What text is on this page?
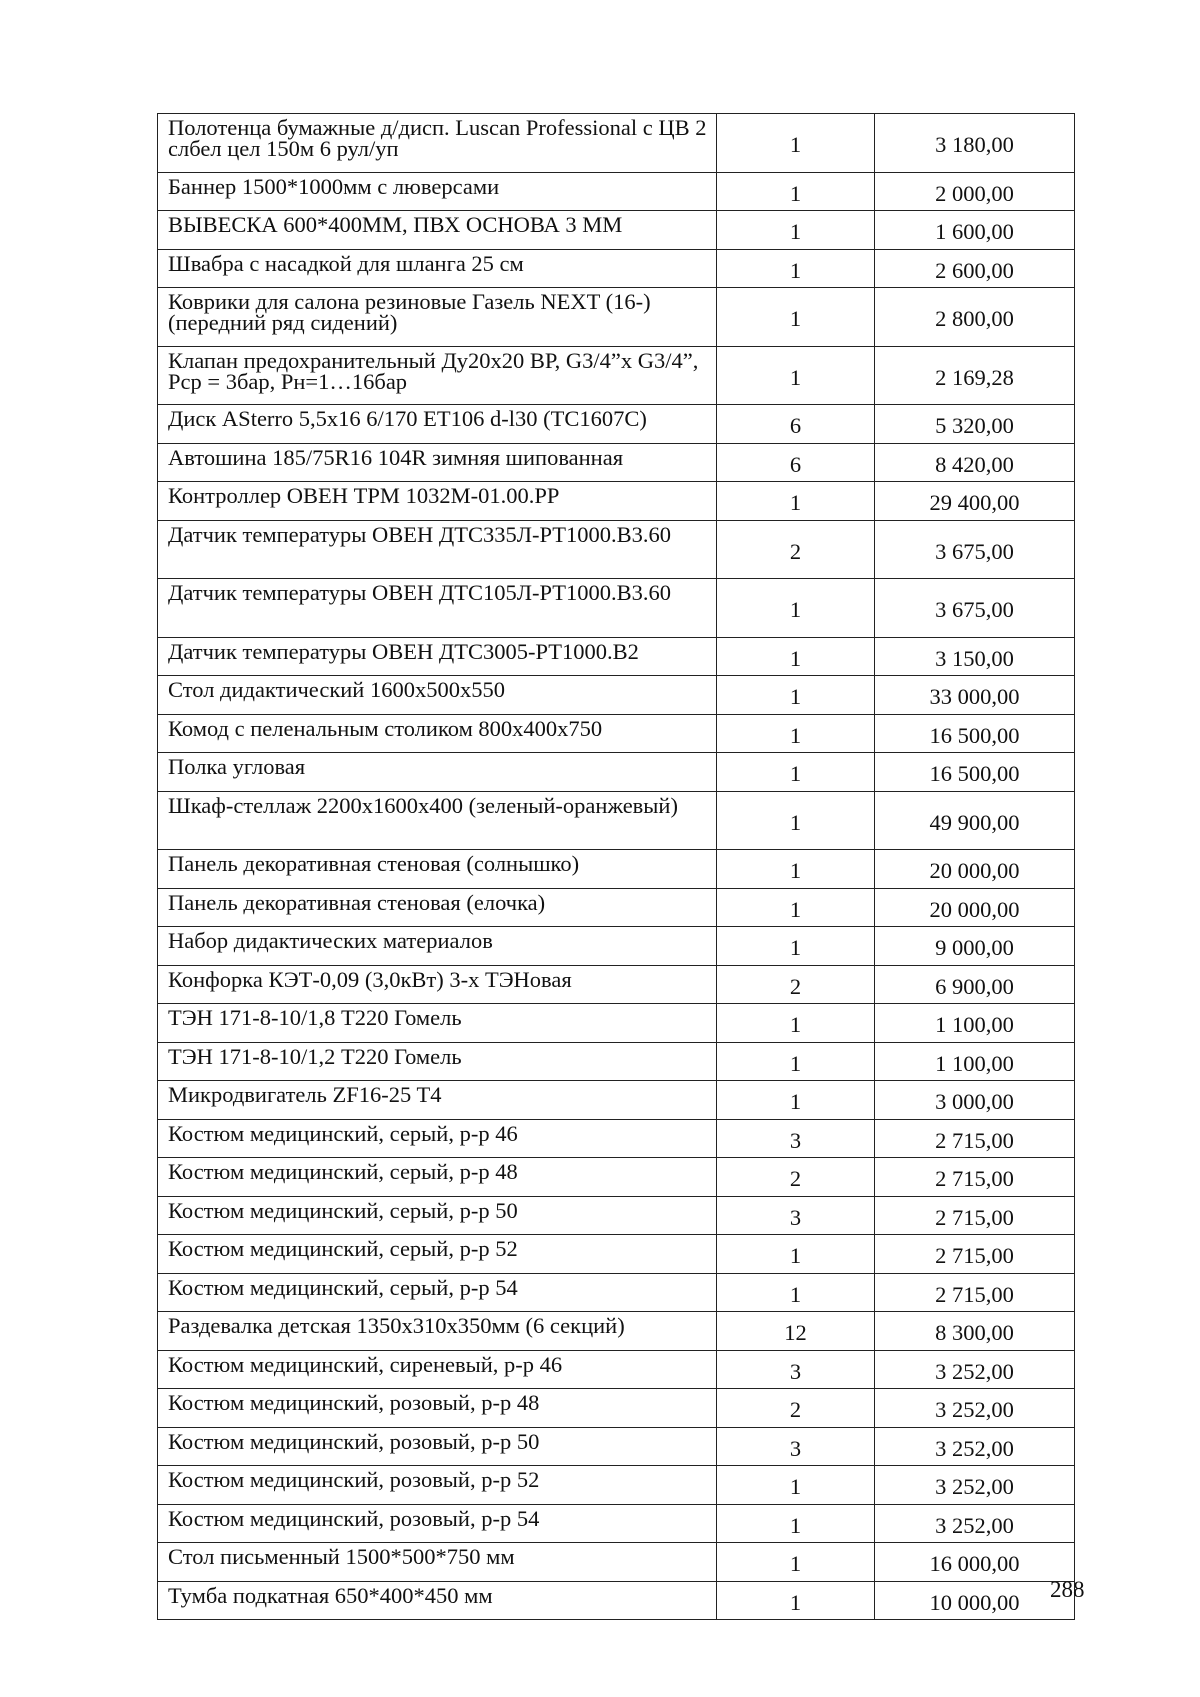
Полотенца бумажные д/дисп. Luscan Professional с ЦВ 2 слбел цел 150м 6 рул/уп	1	3 180,00
Баннер 1500*1000мм с люверсами	1	2 000,00
ВЫВЕСКА 600*400ММ, ПВХ ОСНОВА 3 ММ	1	1 600,00
Швабра с насадкой для шланга 25 см	1	2 600,00
Коврики для салона резиновые Газель NEXT (16-) (передний ряд сидений)	1	2 800,00
Клапан предохранительный Ду20х20 ВР, G3/4”х G3/4”, Рср = 3бар, Рн=1…16бар	1	2 169,28
Диск ASterro 5,5х16 6/170 ET106 d-l30 (TC1607C)	6	5 320,00
Автошина 185/75R16 104R зимняя шипованная	6	8 420,00
Контроллер ОВЕН ТРМ 1032М-01.00.РР	1	29 400,00
Датчик температуры ОВЕН ДТС335Л-РТ1000.В3.60	2	3 675,00
Датчик температуры ОВЕН ДТС105Л-РТ1000.В3.60	1	3 675,00
Датчик температуры ОВЕН ДТС3005-РТ1000.В2	1	3 150,00
Стол дидактический 1600х500х550	1	33 000,00
Комод с пеленальным столиком 800х400х750	1	16 500,00
Полка угловая	1	16 500,00
Шкаф-стеллаж 2200х1600х400 (зеленый-оранжевый)	1	49 900,00
Панель декоративная стеновая (солнышко)	1	20 000,00
Панель декоративная стеновая (елочка)	1	20 000,00
Набор дидактических материалов	1	9 000,00
Конфорка КЭТ-0,09 (3,0кВт) 3-х ТЭНовая	2	6 900,00
ТЭН 171-8-10/1,8 Т220 Гомель	1	1 100,00
ТЭН 171-8-10/1,2 Т220 Гомель	1	1 100,00
Микродвигатель ZF16-25 T4	1	3 000,00
Костюм медицинский, серый, р-р 46	3	2 715,00
Костюм медицинский, серый, р-р 48	2	2 715,00
Костюм медицинский, серый, р-р 50	3	2 715,00
Костюм медицинский, серый, р-р 52	1	2 715,00
Костюм медицинский, серый, р-р 54	1	2 715,00
Раздевалка детская 1350х310х350мм (6 секций)	12	8 300,00
Костюм медицинский, сиреневый, р-р 46	3	3 252,00
Костюм медицинский, розовый, р-р 48	2	3 252,00
Костюм медицинский, розовый, р-р 50	3	3 252,00
Костюм медицинский, розовый, р-р 52	1	3 252,00
Костюм медицинский, розовый, р-р 54	1	3 252,00
Стол письменный 1500*500*750 мм	1	16 000,00
Тумба подкатная 650*400*450 мм	1	10 000,00
288
